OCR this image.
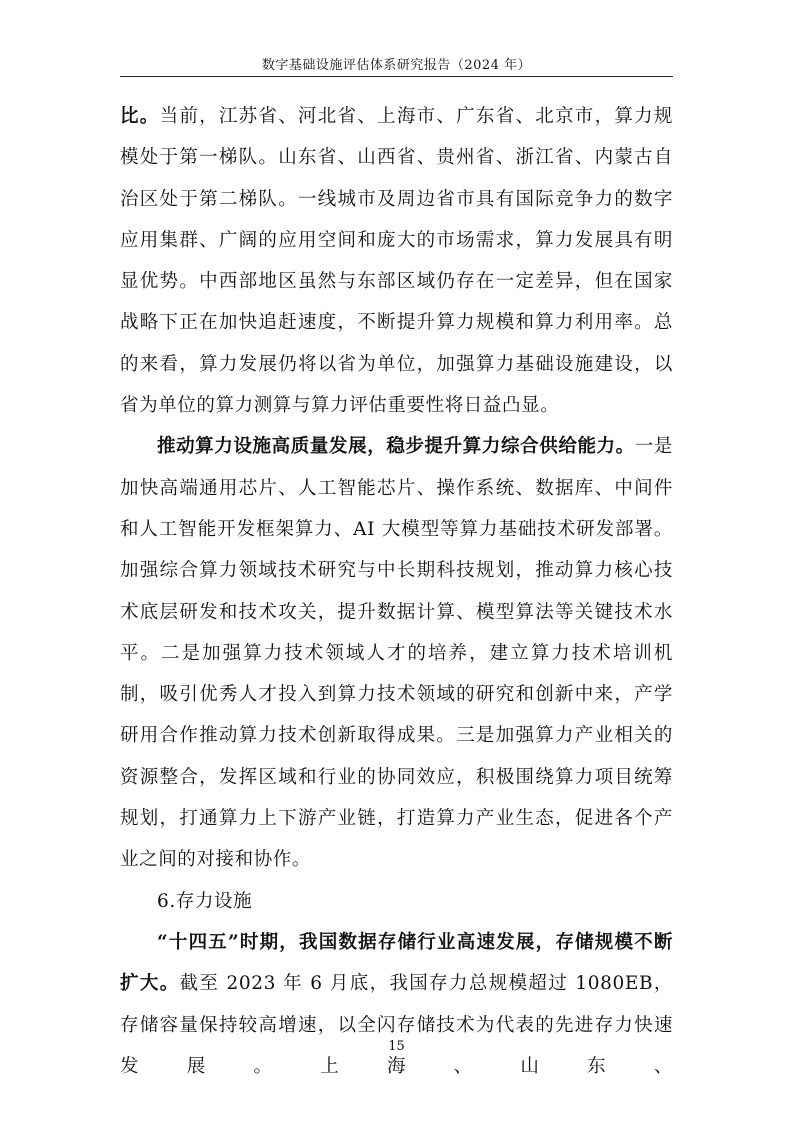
数字基础设施评估体系研究报告（2024 年）

比。当前，江苏省、河北省、上海市、广东省、北京市，算力规模处于第一梯队。山东省、山西省、贵州省、浙江省、内蒙古自治区处于第二梯队。一线城市及周边省市具有国际竞争力的数字应用集群、广阔的应用空间和庞大的市场需求，算力发展具有明显优势。中西部地区虽然与东部区域仍存在一定差异，但在国家战略下正在加快追赶速度，不断提升算力规模和算力利用率。总的来看，算力发展仍将以省为单位，加强算力基础设施建设，以省为单位的算力测算与算力评估重要性将日益凸显。

推动算力设施高质量发展，稳步提升算力综合供给能力。一是加快高端通用芯片、人工智能芯片、操作系统、数据库、中间件和人工智能开发框架算力、AI 大模型等算力基础技术研发部署。加强综合算力领域技术研究与中长期科技规划，推动算力核心技术底层研发和技术攻关，提升数据计算、模型算法等关键技术水平。二是加强算力技术领域人才的培养，建立算力技术培训机制，吸引优秀人才投入到算力技术领域的研究和创新中来，产学研用合作推动算力技术创新取得成果。三是加强算力产业相关的资源整合，发挥区域和行业的协同效应，积极围绕算力项目统筹规划，打通算力上下游产业链，打造算力产业生态，促进各个产业之间的对接和协作。

6.存力设施

“十四五”时期，我国数据存储行业高速发展，存储规模不断扩大。截至 2023 年 6 月底，我国存力总规模超过 1080EB，存储容量保持较高增速，以全闪存储技术为代表的先进存力快速发展。上海、山东、

15
